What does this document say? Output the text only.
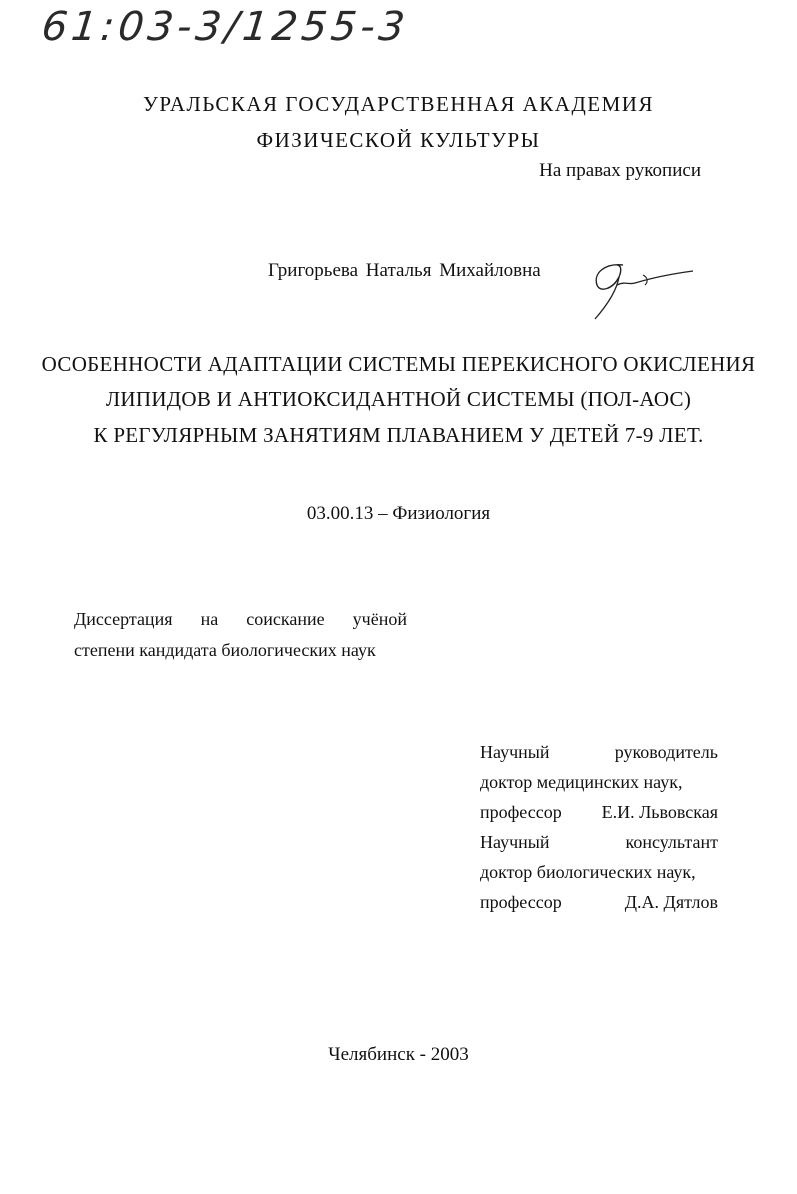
61:03-3/1255-3
УРАЛЬСКАЯ ГОСУДАРСТВЕННАЯ АКАДЕМИЯ
ФИЗИЧЕСКОЙ КУЛЬТУРЫ
На правах рукописи
Григорьева Наталья Михайловна
ОСОБЕННОСТИ АДАПТАЦИИ СИСТЕМЫ ПЕРЕКИСНОГО ОКИСЛЕНИЯ
ЛИПИДОВ И АНТИОКСИДАНТНОЙ СИСТЕМЫ (ПОЛ-АОС)
К РЕГУЛЯРНЫМ ЗАНЯТИЯМ ПЛАВАНИЕМ У ДЕТЕЙ 7-9 ЛЕТ.
03.00.13 – Физиология
Диссертация на соискание учёной
степени кандидата биологических наук
Научный	руководитель
доктор медицинских наук,
профессор Е.И. Львовская
Научный	консультант
доктор биологических наук,
профессор	Д.А. Дятлов
Челябинск - 2003
